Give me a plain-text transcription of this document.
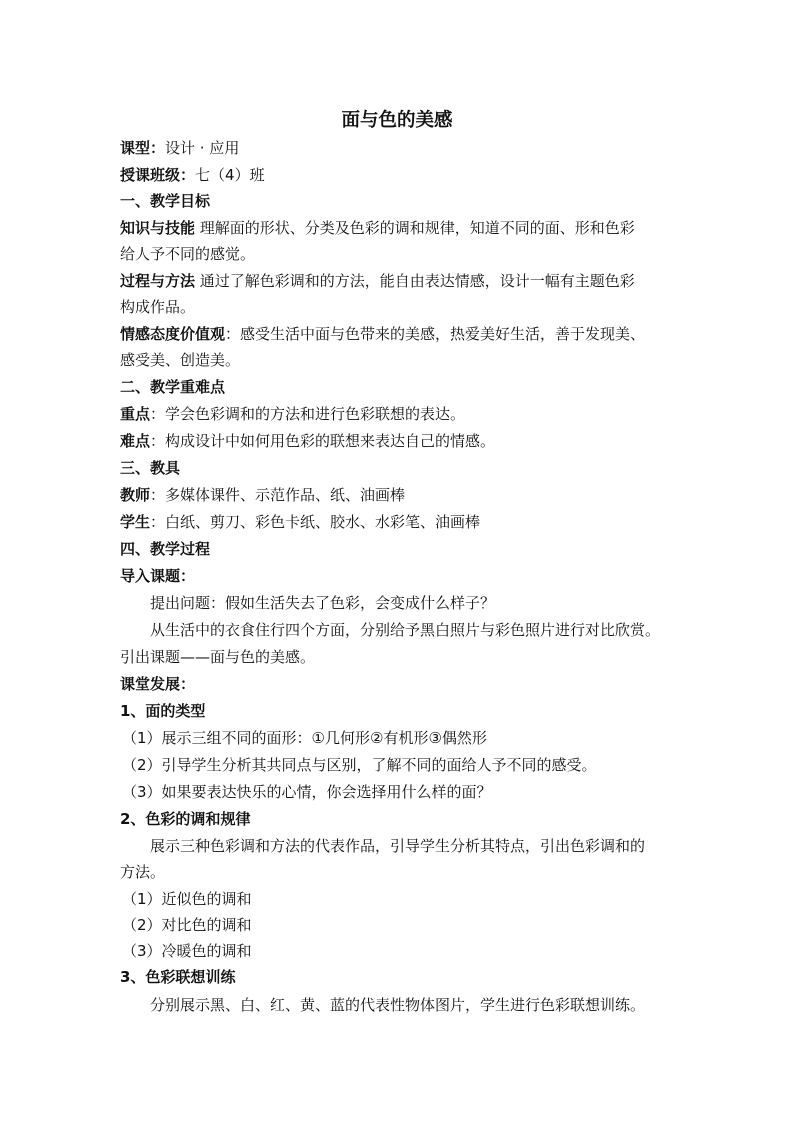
面与色的美感
课型：设计 · 应用
授课班级：七（4）班
一、教学目标
知识与技能 理解面的形状、分类及色彩的调和规律，知道不同的面、形和色彩
给人予不同的感觉。
过程与方法 通过了解色彩调和的方法，能自由表达情感，设计一幅有主题色彩
构成作品。
情感态度价值观：感受生活中面与色带来的美感，热爱美好生活，善于发现美、
感受美、创造美。
二、教学重难点
重点：学会色彩调和的方法和进行色彩联想的表达。
难点：构成设计中如何用色彩的联想来表达自己的情感。
三、教具
教师：多媒体课件、示范作品、纸、油画棒
学生：白纸、剪刀、彩色卡纸、胶水、水彩笔、油画棒
四、教学过程
导入课题：
提出问题：假如生活失去了色彩，会变成什么样子？
从生活中的衣食住行四个方面，分别给予黑白照片与彩色照片进行对比欣赏。
引出课题——面与色的美感。
课堂发展：
1、面的类型
（1）展示三组不同的面形：①几何形②有机形③偶然形
（2）引导学生分析其共同点与区别，了解不同的面给人予不同的感受。
（3）如果要表达快乐的心情，你会选择用什么样的面？
2、色彩的调和规律
展示三种色彩调和方法的代表作品，引导学生分析其特点，引出色彩调和的
方法。
（1）近似色的调和
（2）对比色的调和
（3）冷暖色的调和
3、色彩联想训练
分别展示黑、白、红、黄、蓝的代表性物体图片，学生进行色彩联想训练。
